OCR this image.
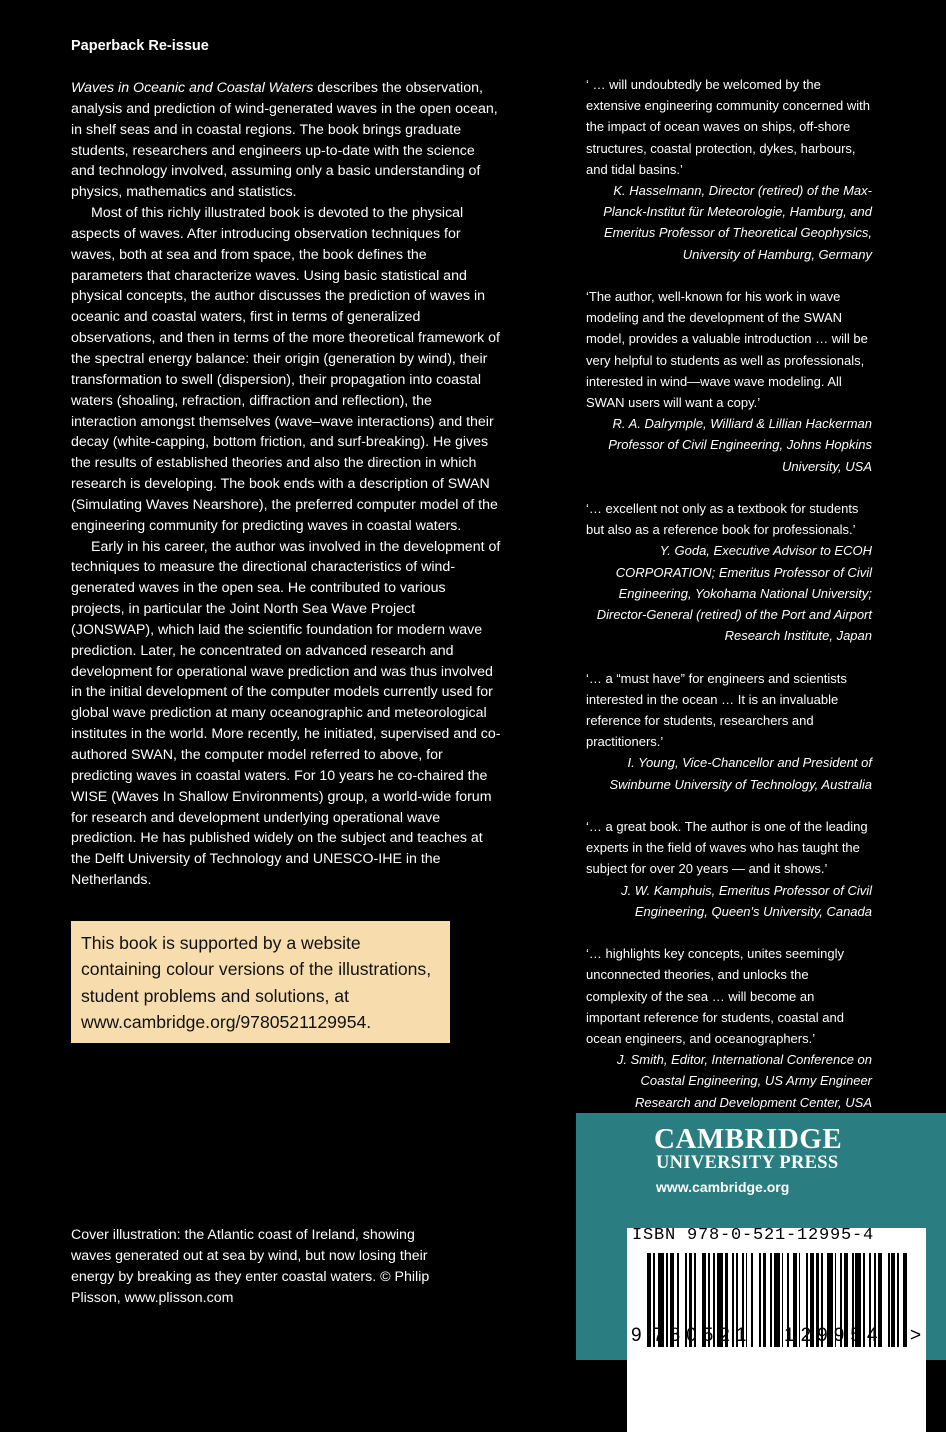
Paperback Re-issue

Waves in Oceanic and Coastal Waters describes the observation, analysis and prediction of wind-generated waves in the open ocean, in shelf seas and in coastal regions. The book brings graduate students, researchers and engineers up-to-date with the science and technology involved, assuming only a basic understanding of physics, mathematics and statistics.

Most of this richly illustrated book is devoted to the physical aspects of waves. After introducing observation techniques for waves, both at sea and from space, the book defines the parameters that characterize waves. Using basic statistical and physical concepts, the author discusses the prediction of waves in oceanic and coastal waters, first in terms of generalized observations, and then in terms of the more theoretical framework of the spectral energy balance: their origin (generation by wind), their transformation to swell (dispersion), their propagation into coastal waters (shoaling, refraction, diffraction and reflection), the interaction amongst themselves (wave–wave interactions) and their decay (white-capping, bottom friction, and surf-breaking). He gives the results of established theories and also the direction in which research is developing. The book ends with a description of SWAN (Simulating Waves Nearshore), the preferred computer model of the engineering community for predicting waves in coastal waters.

Early in his career, the author was involved in the development of techniques to measure the directional characteristics of wind-generated waves in the open sea. He contributed to various projects, in particular the Joint North Sea Wave Project (JONSWAP), which laid the scientific foundation for modern wave prediction. Later, he concentrated on advanced research and development for operational wave prediction and was thus involved in the initial development of the computer models currently used for global wave prediction at many oceanographic and meteorological institutes in the world. More recently, he initiated, supervised and co-authored SWAN, the computer model referred to above, for predicting waves in coastal waters. For 10 years he co-chaired the WISE (Waves In Shallow Environments) group, a world-wide forum for research and development underlying operational wave prediction. He has published widely on the subject and teaches at the Delft University of Technology and UNESCO-IHE in the Netherlands.

This book is supported by a website containing colour versions of the illustrations, student problems and solutions, at www.cambridge.org/9780521129954.
Cover illustration: the Atlantic coast of Ireland, showing waves generated out at sea by wind, but now losing their energy by breaking as they enter coastal waters. © Philip Plisson, www.plisson.com

‘ … will undoubtedly be welcomed by the extensive engineering community concerned with the impact of ocean waves on ships, off-shore structures, coastal protection, dykes, harbours, and tidal basins.’

K. Hasselmann, Director (retired) of the Max-Planck-Institut für Meteorologie, Hamburg, and Emeritus Professor of Theoretical Geophysics, University of Hamburg, Germany

‘The author, well-known for his work in wave modeling and the development of the SWAN model, provides a valuable introduction … will be very helpful to students as well as professionals, interested in wind—wave wave modeling. All SWAN users will want a copy.’

R. A. Dalrymple, Williard & Lillian Hackerman Professor of Civil Engineering, Johns Hopkins University, USA

‘… excellent not only as a textbook for students but also as a reference book for professionals.’

Y. Goda, Executive Advisor to ECOH CORPORATION; Emeritus Professor of Civil Engineering, Yokohama National University; Director-General (retired) of the Port and Airport Research Institute, Japan

‘… a “must have” for engineers and scientists interested in the ocean … It is an invaluable reference for students, researchers and practitioners.’

I. Young, Vice-Chancellor and President of Swinburne University of Technology, Australia

‘… a great book. The author is one of the leading experts in the field of waves who has taught the subject for over 20 years — and it shows.’

J. W. Kamphuis, Emeritus Professor of Civil Engineering, Queen's University, Canada

‘… highlights key concepts, unites seemingly unconnected theories, and unlocks the complexity of the sea … will become an important reference for students, coastal and ocean engineers, and oceanographers.’

J. Smith, Editor, International Conference on Coastal Engineering, US Army Engineer Research and Development Center, USA

CAMBRIDGE
UNIVERSITY PRESS
www.cambridge.org
ISBN 978-0-521-12995-4
9 780521 129954 >
